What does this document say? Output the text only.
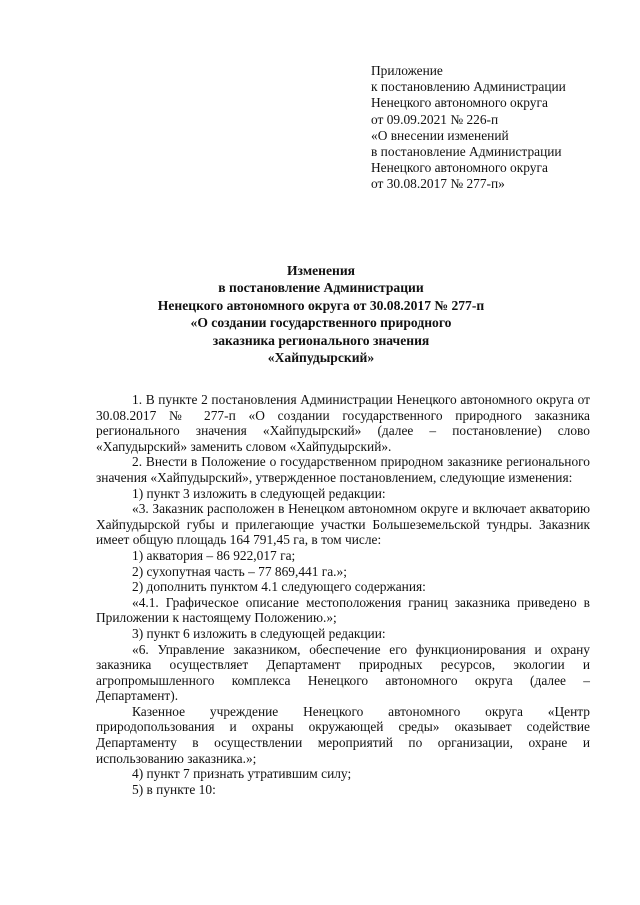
Приложение
к постановлению Администрации
Ненецкого автономного округа
от 09.09.2021 № 226-п
«О внесении изменений
в постановление Администрации
Ненецкого автономного округа
от 30.08.2017 № 277-п»
Изменения
в постановление Администрации
Ненецкого автономного округа от 30.08.2017 № 277-п
«О создании государственного природного
заказника регионального значения
«Хайпудырский»

1. В пункте 2 постановления Администрации Ненецкого автономного округа от 30.08.2017 № 277-п «О создании государственного природного заказника регионального значения «Хайпудырский» (далее – постановление) слово «Хапудырский» заменить словом «Хайпудырский».

2. Внести в Положение о государственном природном заказнике регионального значения «Хайпудырский», утвержденное постановлением, следующие изменения:

1) пункт 3 изложить в следующей редакции:

«3. Заказник расположен в Ненецком автономном округе и включает акваторию Хайпудырской губы и прилегающие участки Большеземельской тундры. Заказник имеет общую площадь 164 791,45 га, в том числе:

1) акватория – 86 922,017 га;

2) сухопутная часть – 77 869,441 га.»;

2) дополнить пунктом 4.1 следующего содержания:

«4.1. Графическое описание местоположения границ заказника приведено в Приложении к настоящему Положению.»;

3) пункт 6 изложить в следующей редакции:

«6. Управление заказником, обеспечение его функционирования и охрану заказника осуществляет Департамент природных ресурсов, экологии и агропромышленного комплекса Ненецкого автономного округа (далее – Департамент).

Казенное учреждение Ненецкого автономного округа «Центр природопользования и охраны окружающей среды» оказывает содействие Департаменту в осуществлении мероприятий по организации, охране и использованию заказника.»;

4) пункт 7 признать утратившим силу;

5) в пункте 10:
